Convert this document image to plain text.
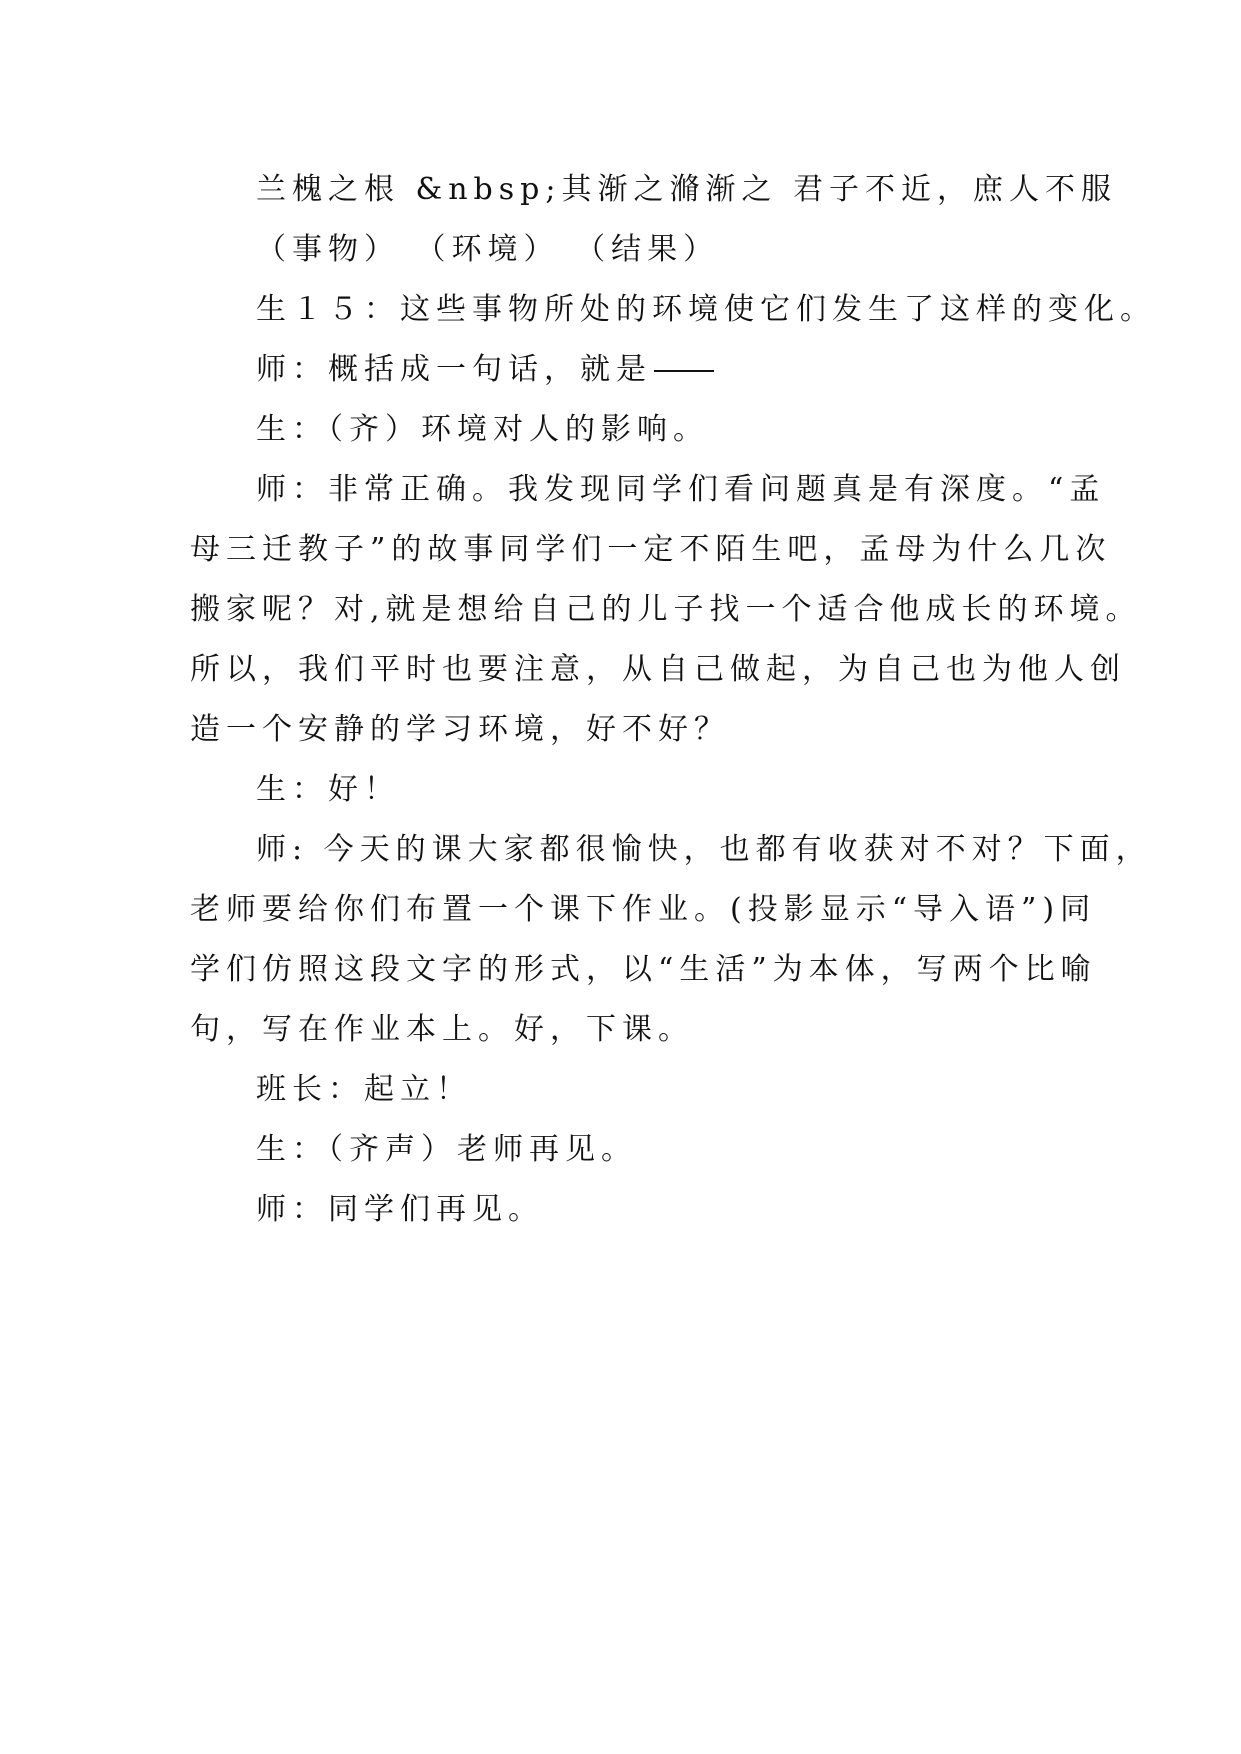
兰槐之根 &nbsp;其渐之滫渐之 君子不近，庶人不服
（事物） （环境） （结果）
生１５：这些事物所处的环境使它们发生了这样的变化。
师：概括成一句话，就是
生：（齐）环境对人的影响。
师：非常正确。我发现同学们看问题真是有深度。“孟
母三迁教子”的故事同学们一定不陌生吧，孟母为什么几次
搬家呢？对,就是想给自己的儿子找一个适合他成长的环境。
所以，我们平时也要注意，从自己做起，为自己也为他人创
造一个安静的学习环境，好不好？
生：好！
师: 今天的课大家都很愉快，也都有收获对不对？下面，
老师要给你们布置一个课下作业。(投影显示“导入语”)同
学们仿照这段文字的形式，以“生活”为本体，写两个比喻
句，写在作业本上。好，下课。
班长：起立！
生：（齐声）老师再见。
师：同学们再见。
